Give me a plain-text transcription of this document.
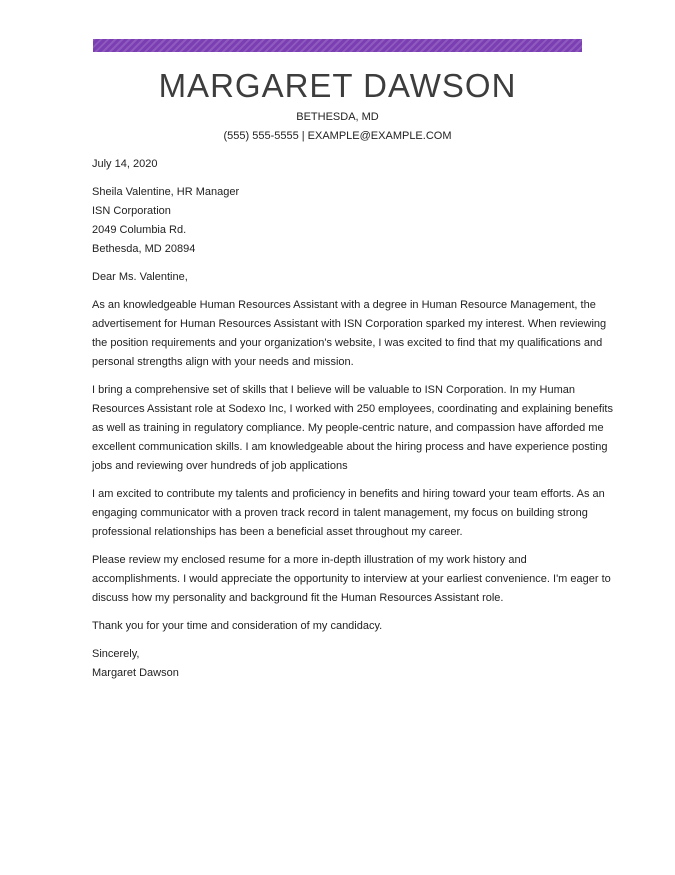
MARGARET DAWSON
BETHESDA, MD
(555) 555-5555 | EXAMPLE@EXAMPLE.COM
July 14, 2020
Sheila Valentine, HR Manager
ISN Corporation
2049 Columbia Rd.
Bethesda, MD 20894
Dear Ms. Valentine,
As an knowledgeable Human Resources Assistant with a degree in Human Resource Management, the
advertisement for Human Resources Assistant with ISN Corporation sparked my interest. When reviewing
the position requirements and your organization's website, I was excited to find that my qualifications and
personal strengths align with your needs and mission.
I bring a comprehensive set of skills that I believe will be valuable to ISN Corporation. In my Human
Resources Assistant role at Sodexo Inc, I worked with 250 employees, coordinating and explaining benefits
as well as training in regulatory compliance. My people-centric nature, and compassion have afforded me
excellent communication skills. I am knowledgeable about the hiring process and have experience posting
jobs and reviewing over hundreds of job applications
I am excited to contribute my talents and proficiency in benefits and hiring toward your team efforts. As an
engaging communicator with a proven track record in talent management, my focus on building strong
professional relationships has been a beneficial asset throughout my career.
Please review my enclosed resume for a more in-depth illustration of my work history and
accomplishments. I would appreciate the opportunity to interview at your earliest convenience. I'm eager to
discuss how my personality and background fit the Human Resources Assistant role.
Thank you for your time and consideration of my candidacy.
Sincerely,
Margaret Dawson
